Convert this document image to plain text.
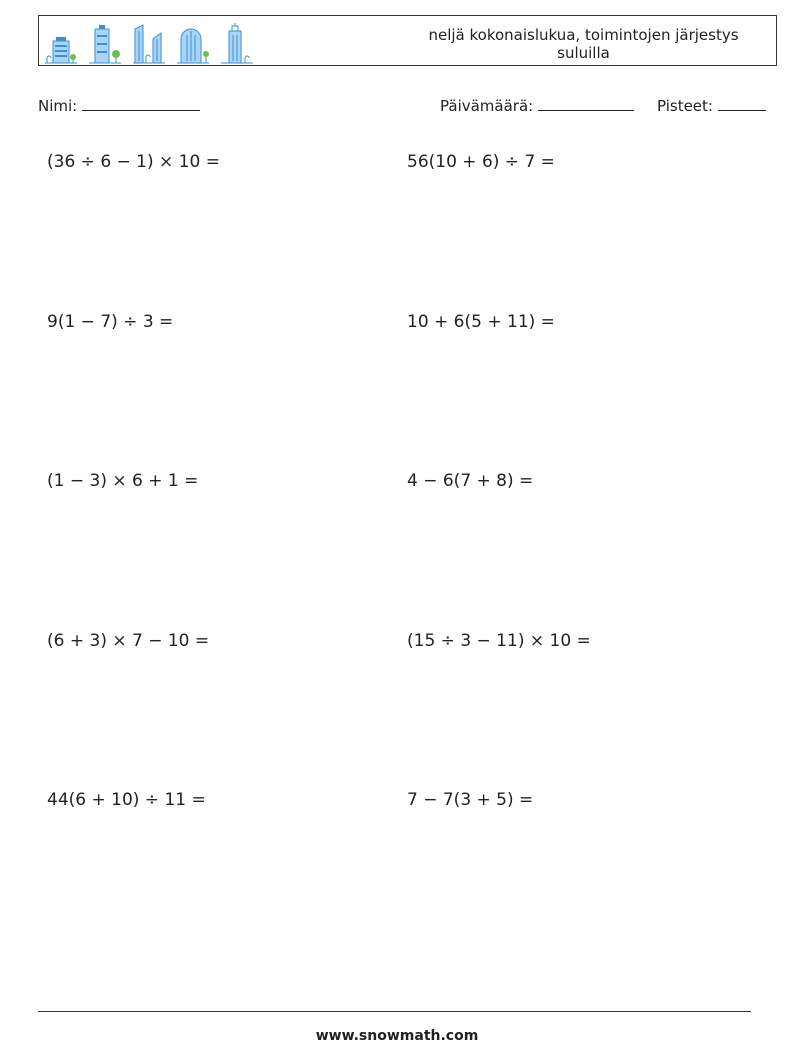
neljä kokonaislukua, toimintojen järjestys
suluilla
Nimi:	Päivämäärä:	Pisteet:
(36 ÷ 6 − 1) × 10 =	56(10 + 6) ÷ 7 =
9(1 − 7) ÷ 3 =	10 + 6(5 + 11) =
(1 − 3) × 6 + 1 =	4 − 6(7 + 8) =
(6 + 3) × 7 − 10 =	(15 ÷ 3 − 11) × 10 =
44(6 + 10) ÷ 11 =	7 − 7(3 + 5) =
www.snowmath.com
